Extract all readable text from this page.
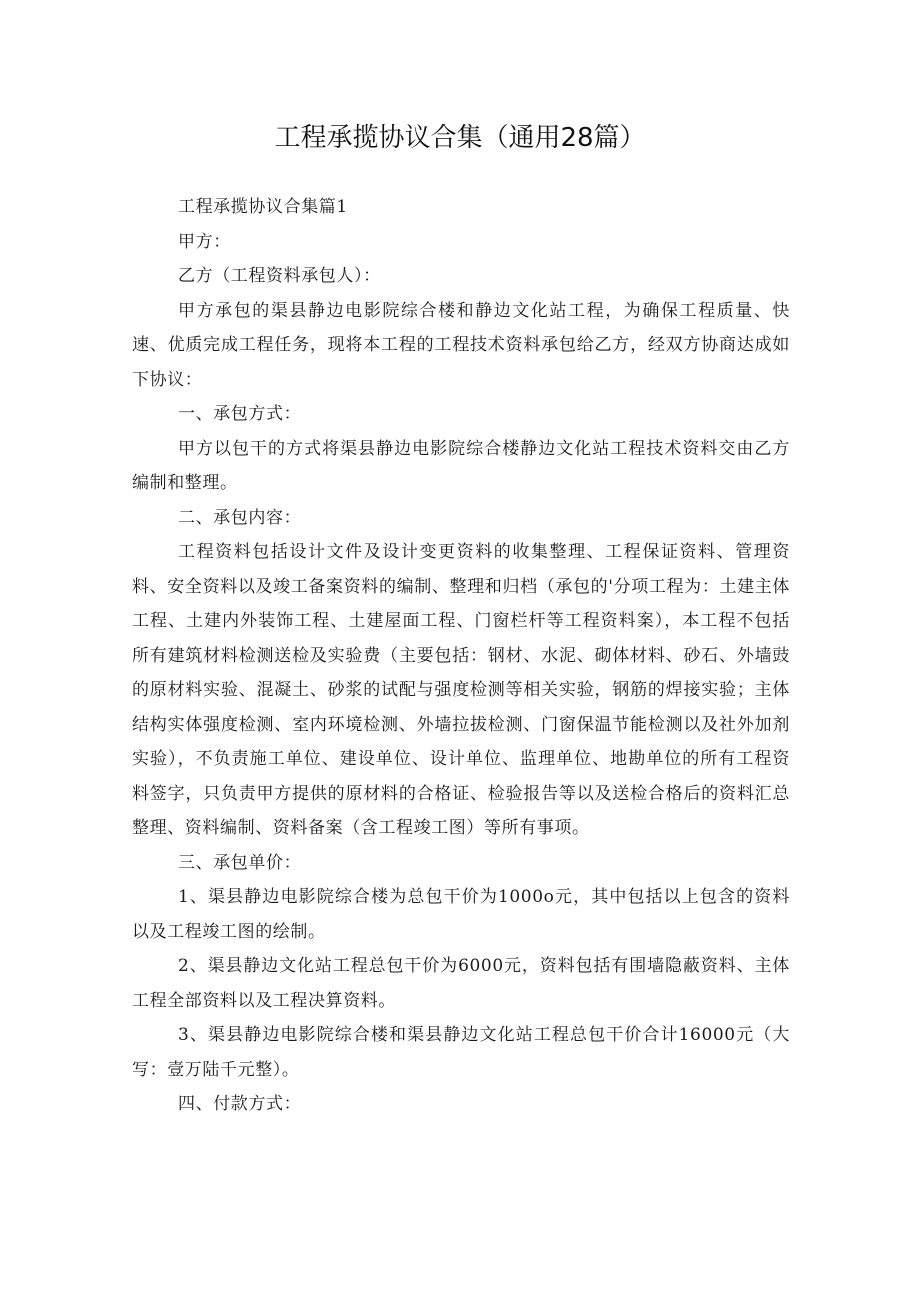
工程承揽协议合集（通用28篇）

工程承揽协议合集篇1

甲方：

乙方（工程资料承包人）：

甲方承包的渠县静边电影院综合楼和静边文化站工程，为确保工程质量、快速、优质完成工程任务，现将本工程的工程技术资料承包给乙方，经双方协商达成如下协议：

一、承包方式：

甲方以包干的方式将渠县静边电影院综合楼静边文化站工程技术资料交由乙方编制和整理。

二、承包内容：

工程资料包括设计文件及设计变更资料的收集整理、工程保证资料、管理资料、安全资料以及竣工备案资料的编制、整理和归档（承包的'分项工程为：土建主体工程、土建内外装饰工程、土建屋面工程、门窗栏杆等工程资料案），本工程不包括所有建筑材料检测送检及实验费（主要包括：钢材、水泥、砌体材料、砂石、外墙豉的原材料实验、混凝土、砂浆的试配与强度检测等相关实验，钢筋的焊接实验；主体结构实体强度检测、室内环境检测、外墙拉拔检测、门窗保温节能检测以及社外加剂实验），不负责施工单位、建设单位、设计单位、监理单位、地勘单位的所有工程资料签字，只负责甲方提供的原材料的合格证、检验报告等以及送检合格后的资料汇总整理、资料编制、资料备案（含工程竣工图）等所有事项。

三、承包单价：

1、渠县静边电影院综合楼为总包干价为1000o元，其中包括以上包含的资料以及工程竣工图的绘制。

2、渠县静边文化站工程总包干价为6000元，资料包括有围墙隐蔽资料、主体工程全部资料以及工程决算资料。

3、渠县静边电影院综合楼和渠县静边文化站工程总包干价合计16000元（大写：壹万陆千元整）。

四、付款方式：
